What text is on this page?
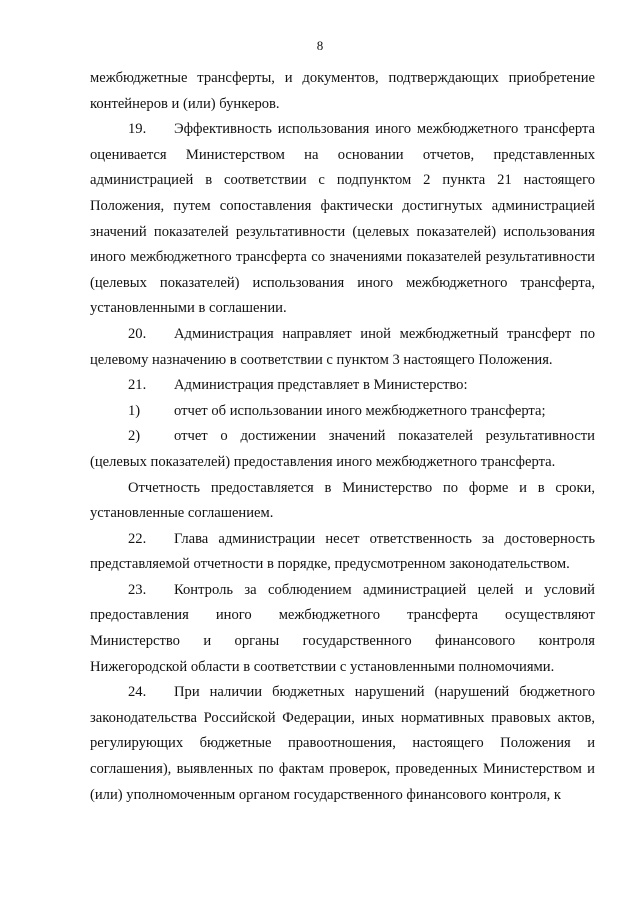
8

межбюджетные трансферты, и документов, подтверждающих приобретение контейнеров и (или) бункеров.

19. Эффективность использования иного межбюджетного трансферта оценивается Министерством на основании отчетов, представленных администрацией в соответствии с подпунктом 2 пункта 21 настоящего Положения, путем сопоставления фактически достигнутых администрацией значений показателей результативности (целевых показателей) использования иного межбюджетного трансферта со значениями показателей результативности (целевых показателей) использования иного межбюджетного трансферта, установленными в соглашении.

20. Администрация направляет иной межбюджетный трансферт по целевому назначению в соответствии с пунктом 3 настоящего Положения.

21. Администрация представляет в Министерство:

1) отчет об использовании иного межбюджетного трансферта;

2) отчет о достижении значений показателей результативности (целевых показателей) предоставления иного межбюджетного трансферта.

Отчетность предоставляется в Министерство по форме и в сроки, установленные соглашением.

22. Глава администрации несет ответственность за достоверность представляемой отчетности в порядке, предусмотренном законодательством.

23. Контроль за соблюдением администрацией целей и условий предоставления иного межбюджетного трансферта осуществляют Министерство и органы государственного финансового контроля Нижегородской области в соответствии с установленными полномочиями.

24. При наличии бюджетных нарушений (нарушений бюджетного законодательства Российской Федерации, иных нормативных правовых актов, регулирующих бюджетные правоотношения, настоящего Положения и соглашения), выявленных по фактам проверок, проведенных Министерством и (или) уполномоченным органом государственного финансового контроля, к
